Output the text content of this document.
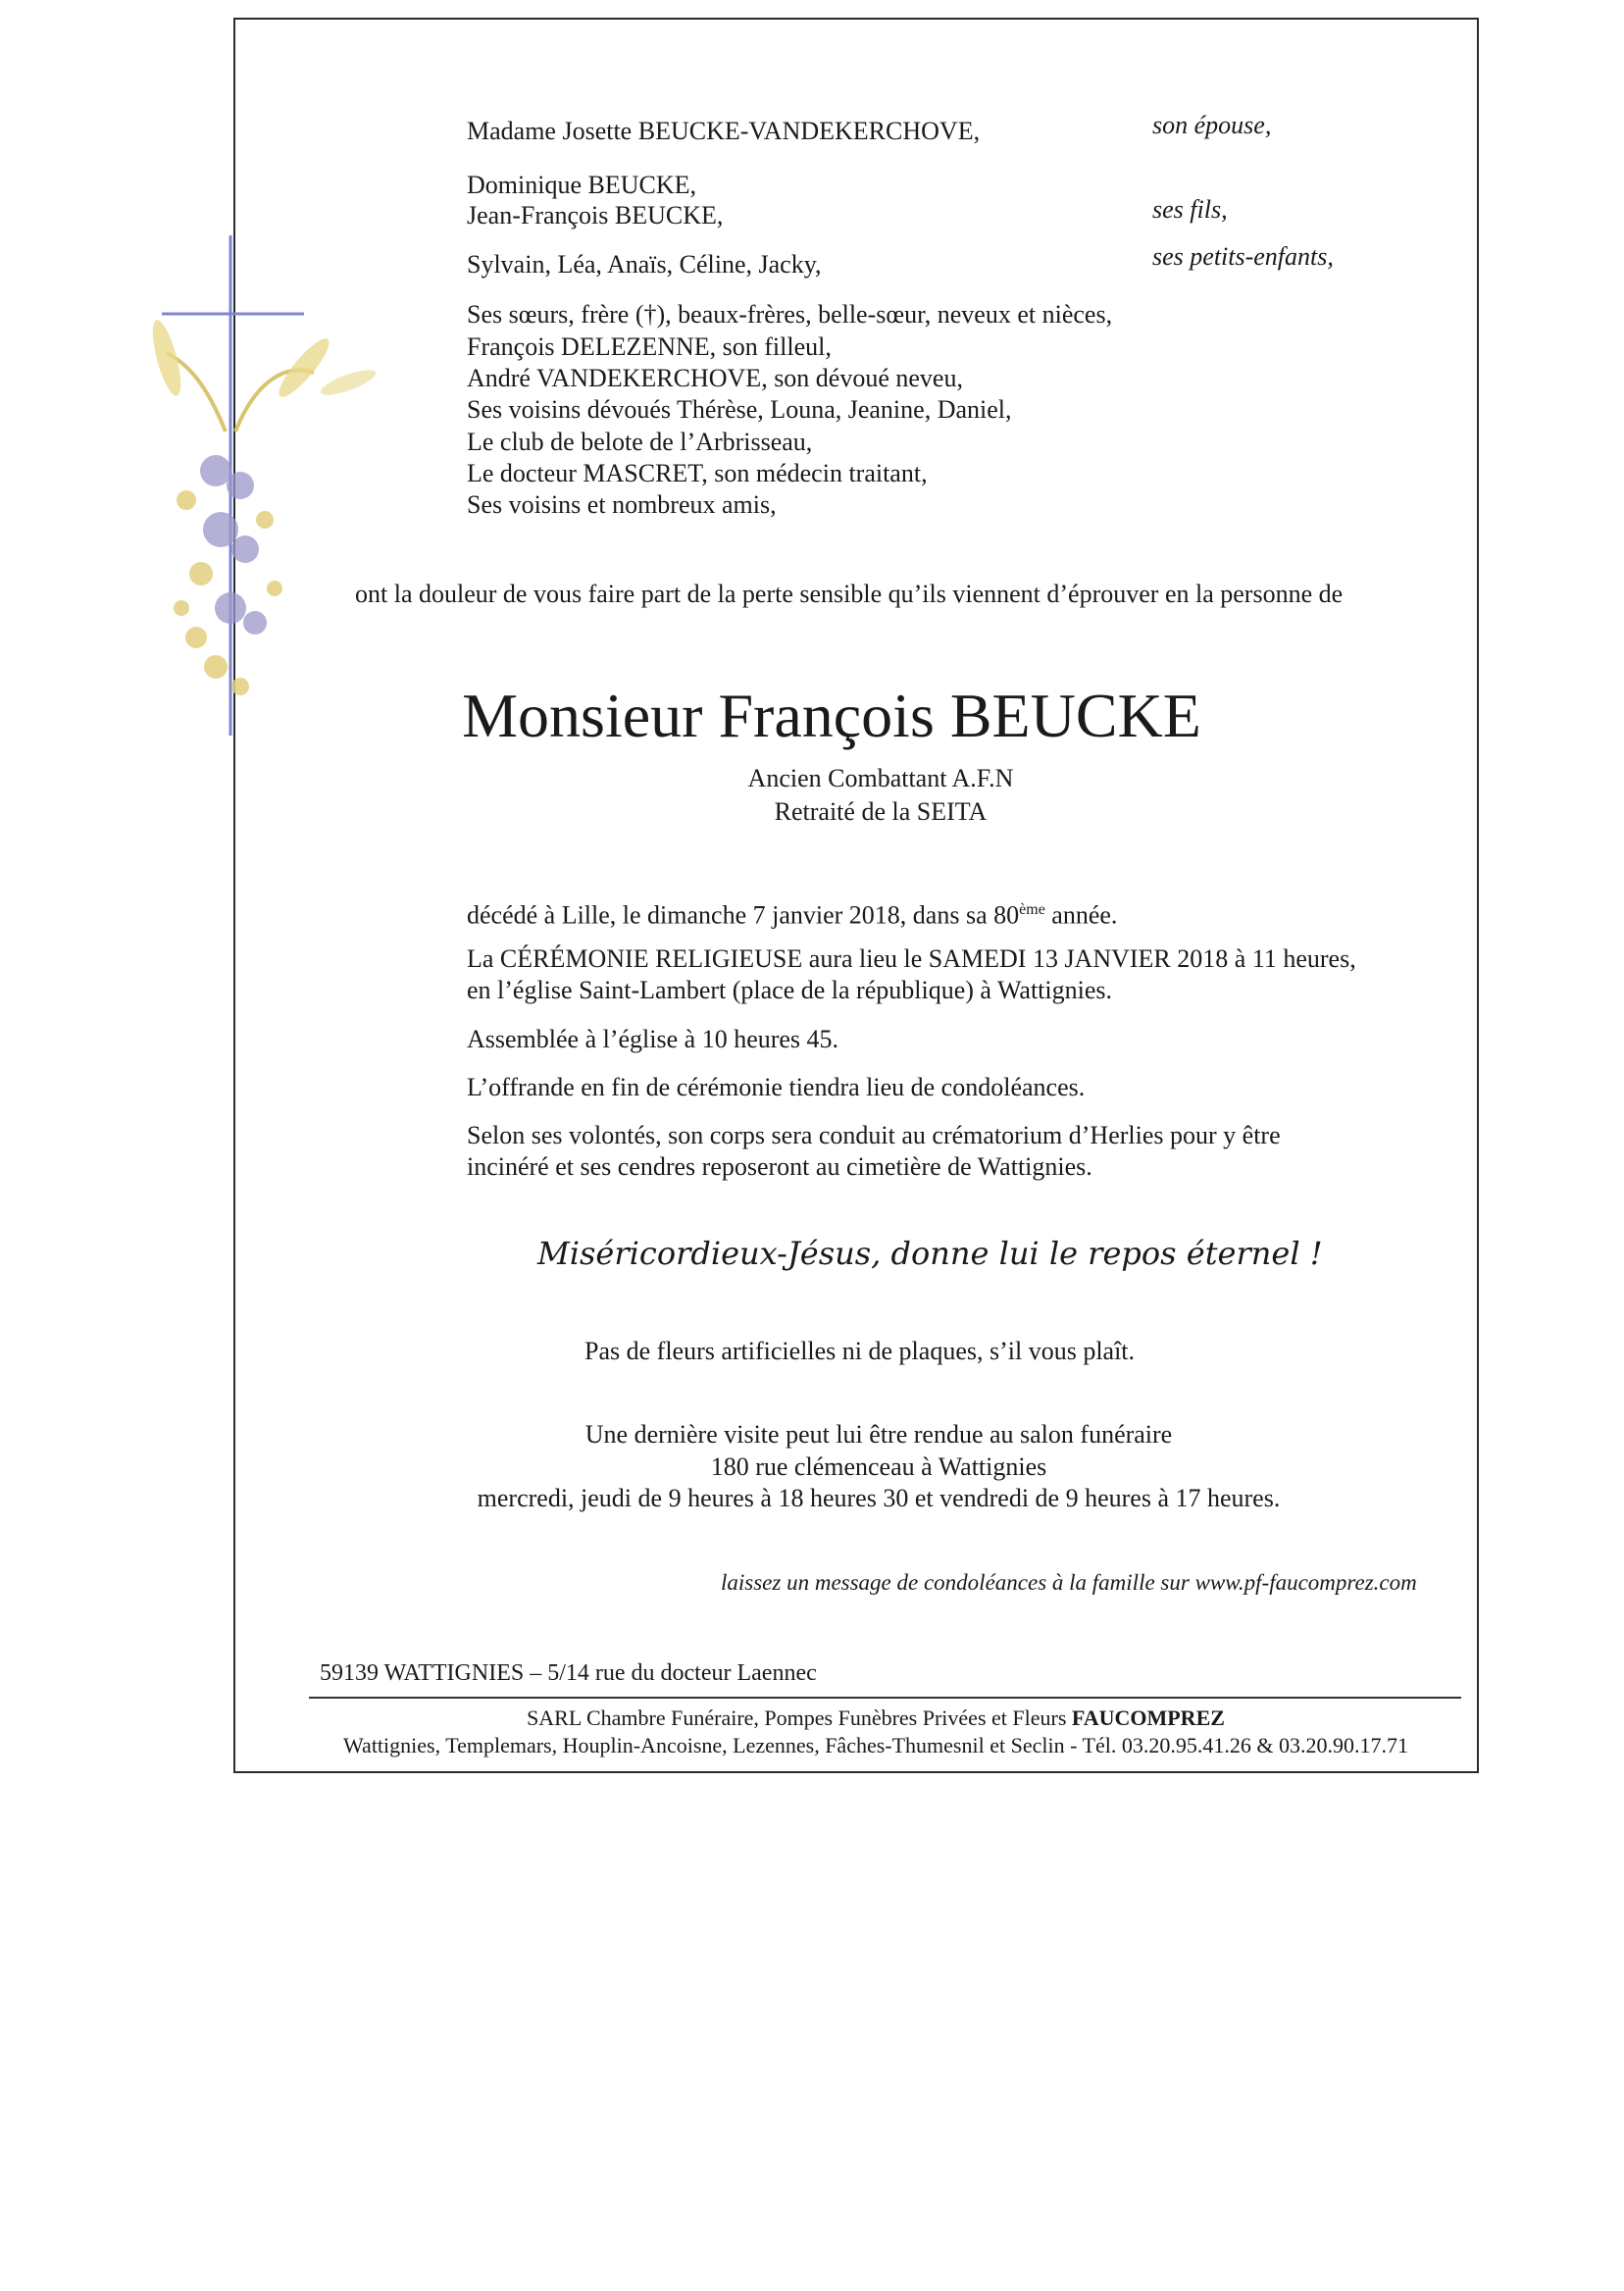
Madame Josette BEUCKE-VANDEKERCHOVE,	son épouse,
Dominique BEUCKE,
Jean-François BEUCKE,	ses fils,
Sylvain, Léa, Anaïs, Céline, Jacky,	ses petits-enfants,
Ses sœurs, frère (†), beaux-frères, belle-sœur, neveux et nièces,
François DELEZENNE, son filleul,
André VANDEKERCHOVE, son dévoué neveu,
Ses voisins dévoués Thérèse, Louna, Jeanine, Daniel,
Le club de belote de l’Arbrisseau,
Le docteur MASCRET, son médecin traitant,
Ses voisins et nombreux amis,
ont la douleur de vous faire part de la perte sensible qu’ils viennent d’éprouver en la personne de
Monsieur François BEUCKE
Ancien Combattant A.F.N
Retraité de la SEITA
décédé à Lille, le dimanche 7 janvier 2018, dans sa 80ème année.
La CÉRÉMONIE RELIGIEUSE aura lieu le SAMEDI 13 JANVIER 2018 à 11 heures,
en l’église Saint-Lambert (place de la république) à Wattignies.
Assemblée à l’église à 10 heures 45.
L’offrande en fin de cérémonie tiendra lieu de condoléances.
Selon ses volontés, son corps sera conduit au crématorium d’Herlies pour y être
incinéré et ses cendres reposeront au cimetière de Wattignies.
Miséricordieux-Jésus, donne lui le repos éternel !
Pas de fleurs artificielles ni de plaques, s’il vous plaît.
Une dernière visite peut lui être rendue au salon funéraire
180 rue clémenceau à Wattignies
mercredi, jeudi de 9 heures à 18 heures 30 et vendredi de 9 heures à 17 heures.
laissez un message de condoléances à la famille sur www.pf-faucomprez.com
59139 WATTIGNIES – 5/14 rue du docteur Laennec
SARL Chambre Funéraire, Pompes Funèbres Privées et Fleurs FAUCOMPREZ
Wattignies, Templemars, Houplin-Ancoisne, Lezennes, Fâches-Thumesnil et Seclin - Tél. 03.20.95.41.26 & 03.20.90.17.71
